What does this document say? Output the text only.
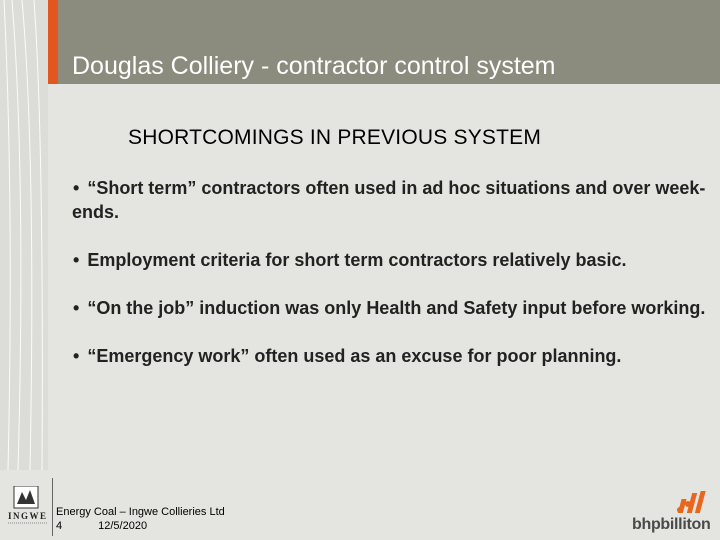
Douglas Colliery - contractor control system
SHORTCOMINGS IN PREVIOUS SYSTEM
• “Short term” contractors often used in ad hoc situations and over week-ends.
• Employment criteria for short term contractors relatively basic.
• “On the job” induction was only Health and Safety input before working.
• “Emergency work” often used as an excuse for poor planning.
INGWE Energy Coal – Ingwe Collieries Ltd
4	12/5/2020	bhpbilliton
